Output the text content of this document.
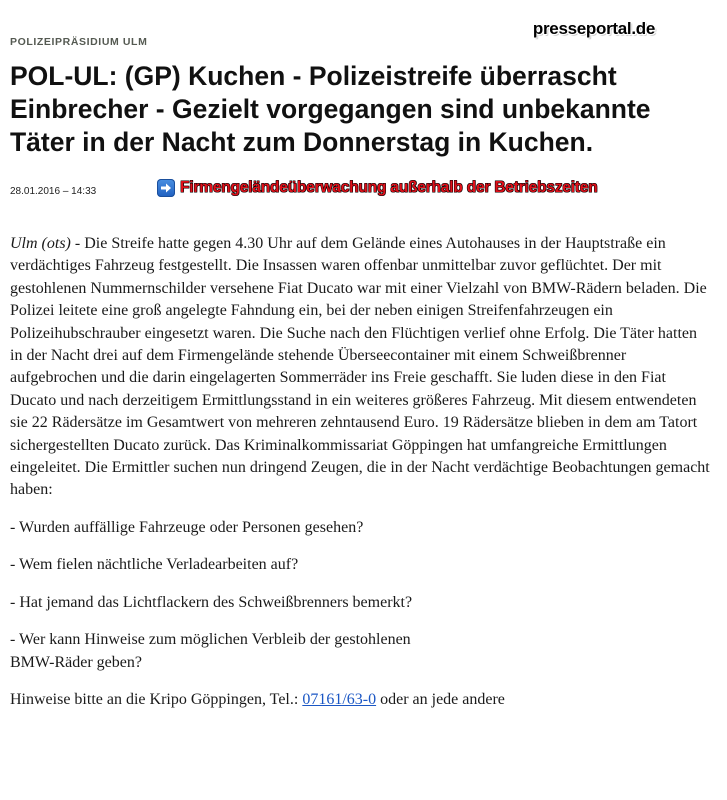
POLIZEIPRÄSIDIUM ULM
presseportal.de
POL-UL: (GP) Kuchen - Polizeistreife überrascht Einbrecher - Gezielt vorgegangen sind unbekannte Täter in der Nacht zum Donnerstag in Kuchen.
28.01.2016 – 14:33	Firmengeländeüberwachung außerhalb der Betriebszeiten

Ulm (ots) - Die Streife hatte gegen 4.30 Uhr auf dem Gelände eines Autohauses in der Hauptstraße ein verdächtiges Fahrzeug festgestellt. Die Insassen waren offenbar unmittelbar zuvor geflüchtet. Der mit gestohlenen Nummernschilder versehene Fiat Ducato war mit einer Vielzahl von BMW-Rädern beladen. Die Polizei leitete eine groß angelegte Fahndung ein, bei der neben einigen Streifenfahrzeugen ein Polizeihubschrauber eingesetzt waren. Die Suche nach den Flüchtigen verlief ohne Erfolg. Die Täter hatten in der Nacht drei auf dem Firmengelände stehende Überseecontainer mit einem Schweißbrenner aufgebrochen und die darin eingelagerten Sommerräder ins Freie geschafft. Sie luden diese in den Fiat Ducato und nach derzeitigem Ermittlungsstand in ein weiteres größeres Fahrzeug. Mit diesem entwendeten sie 22 Rädersätze im Gesamtwert von mehreren zehntausend Euro. 19 Rädersätze blieben in dem am Tatort sichergestellten Ducato zurück. Das Kriminalkommissariat Göppingen hat umfangreiche Ermittlungen eingeleitet. Die Ermittler suchen nun dringend Zeugen, die in der Nacht verdächtige Beobachtungen gemacht haben:

- Wurden auffällige Fahrzeuge oder Personen gesehen?

- Wem fielen nächtliche Verladearbeiten auf?

- Hat jemand das Lichtflackern des Schweißbrenners bemerkt?

- Wer kann Hinweise zum möglichen Verbleib der gestohlenen
BMW-Räder geben?

Hinweise bitte an die Kripo Göppingen, Tel.: 07161/63-0 oder an jede andere
